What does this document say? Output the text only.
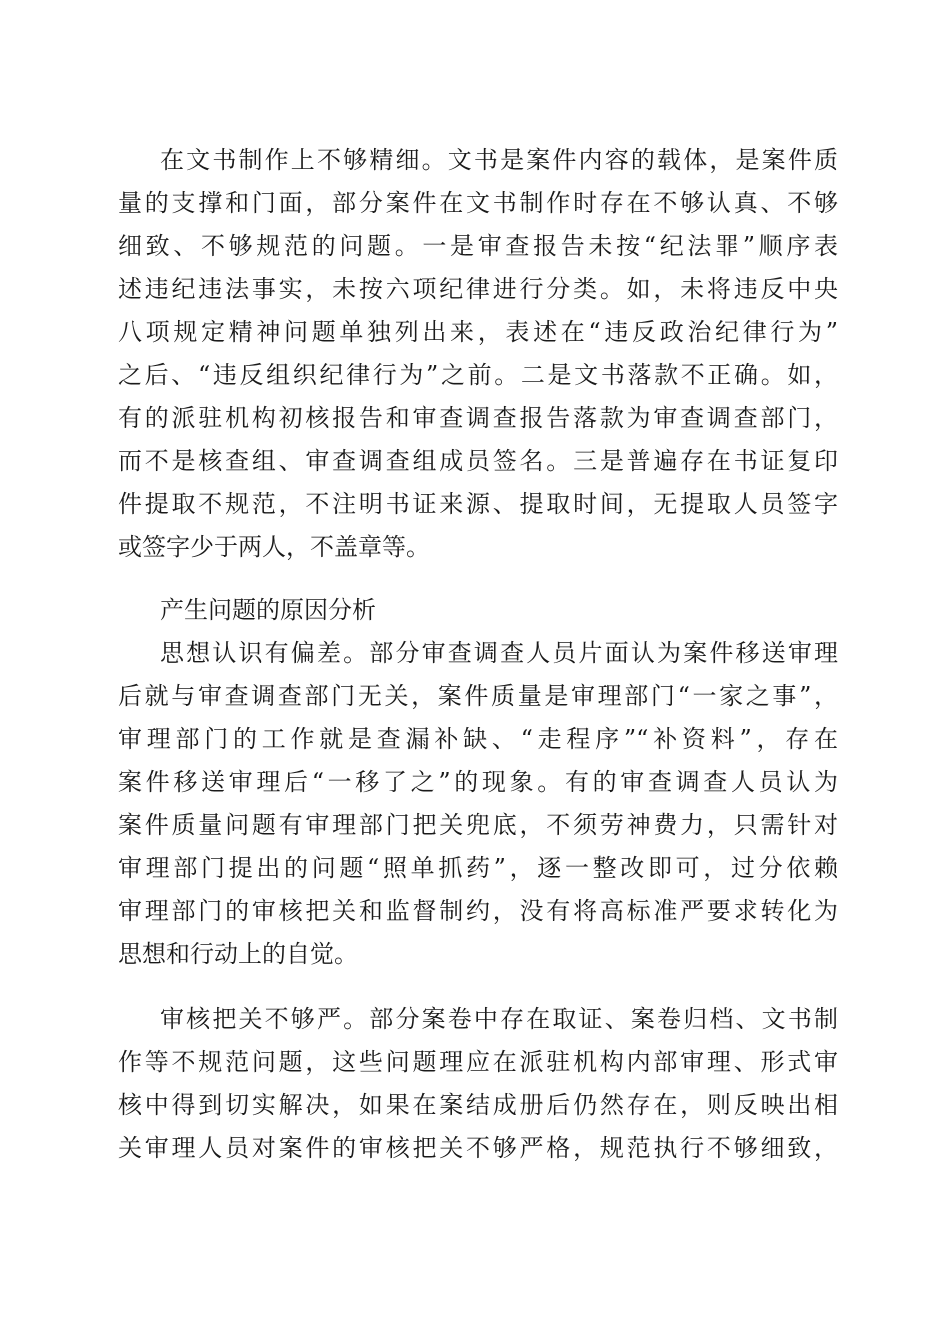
在文书制作上不够精细。文书是案件内容的载体，是案件质
量的支撑和门面，部分案件在文书制作时存在不够认真、不够
细致、不够规范的问题。一是审查报告未按“纪法罪”顺序表
述违纪违法事实，未按六项纪律进行分类。如，未将违反中央
八项规定精神问题单独列出来，表述在“违反政治纪律行为”
之后、“违反组织纪律行为”之前。二是文书落款不正确。如，
有的派驻机构初核报告和审查调查报告落款为审查调查部门，
而不是核查组、审查调查组成员签名。三是普遍存在书证复印
件提取不规范，不注明书证来源、提取时间，无提取人员签字
或签字少于两人，不盖章等。
产生问题的原因分析
思想认识有偏差。部分审查调查人员片面认为案件移送审理
后就与审查调查部门无关，案件质量是审理部门“一家之事”，
审理部门的工作就是查漏补缺、“走程序”“补资料”，存在
案件移送审理后“一移了之”的现象。有的审查调查人员认为
案件质量问题有审理部门把关兜底，不须劳神费力，只需针对
审理部门提出的问题“照单抓药”，逐一整改即可，过分依赖
审理部门的审核把关和监督制约，没有将高标准严要求转化为
思想和行动上的自觉。
审核把关不够严。部分案卷中存在取证、案卷归档、文书制
作等不规范问题，这些问题理应在派驻机构内部审理、形式审
核中得到切实解决，如果在案结成册后仍然存在，则反映出相
关审理人员对案件的审核把关不够严格，规范执行不够细致，
